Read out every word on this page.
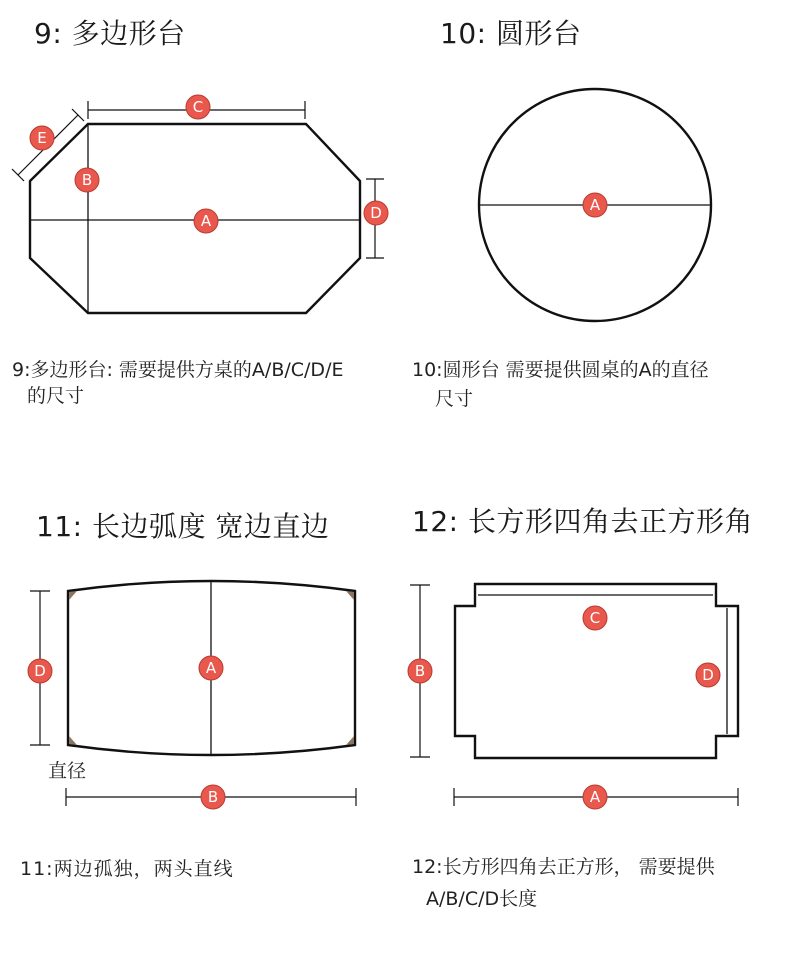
9: 多边形台	10: 圆形台
11: 长边弧度 宽边直边	12: 长方形四角去正方形角
9:多边形台: 需要提供方桌的A/B/C/D/E
的尺寸
10:圆形台 需要提供圆桌的A的直径
尺寸
11:两边孤独，两头直线
直径
12:长方形四角去正方形， 需要提供
A/B/C/D长度
C
E
B
A	D	A
D	A
B
C
B	D
A
